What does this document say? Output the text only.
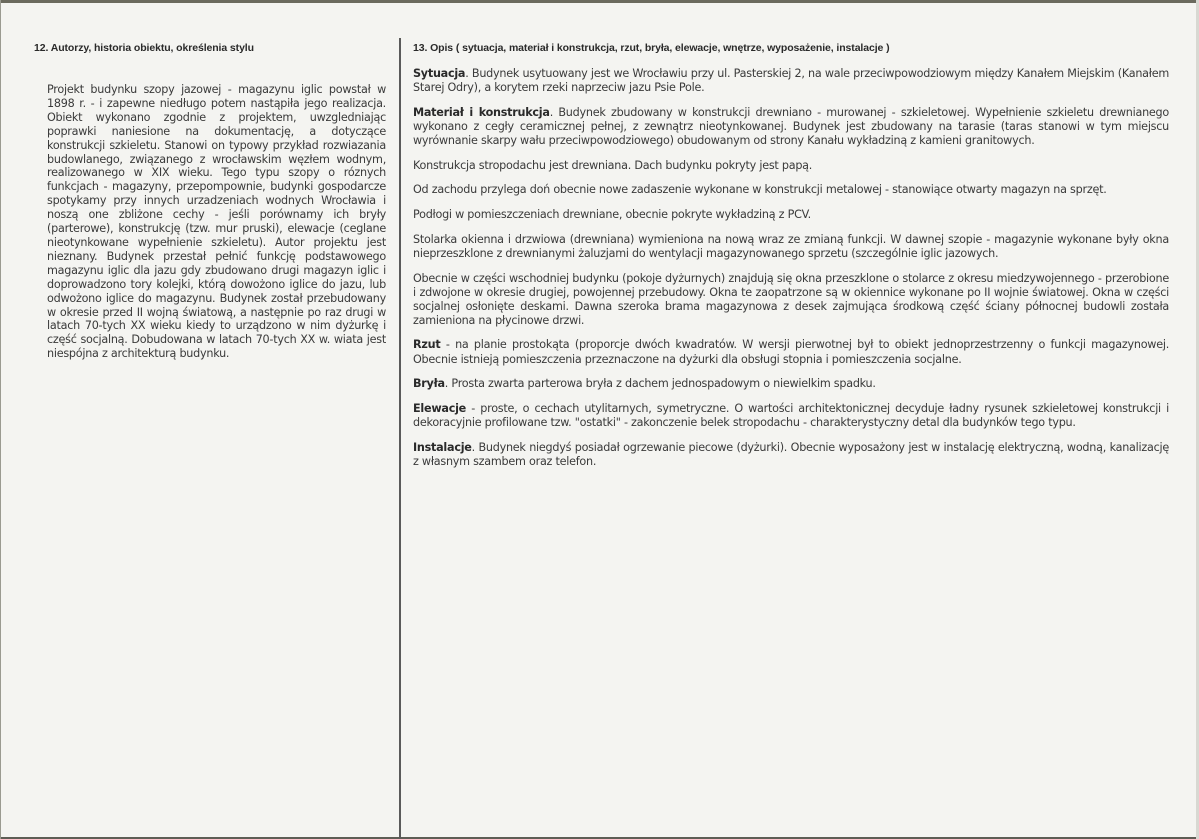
12. Autorzy, historia obiektu, określenia stylu

Projekt budynku szopy jazowej - magazynu iglic powstał w 1898 r. - i zapewne niedługo potem nastąpiła jego realizacja. Obiekt wykonano zgodnie z projektem, uwzgledniając poprawki naniesione na dokumentację, a dotyczące konstrukcji szkieletu. Stanowi on typowy przykład rozwiazania budowlanego, związanego z wrocławskim węzłem wodnym, realizowanego w XIX wieku. Tego typu szopy o róznych funkcjach - magazyny, przepompownie, budynki gospodarcze spotykamy przy innych urzadzeniach wodnych Wrocławia i noszą one zbliżone cechy - jeśli porównamy ich bryły (parterowe), konstrukcję (tzw. mur pruski), elewacje (ceglane nieotynkowane wypełnienie szkieletu). Autor projektu jest nieznany. Budynek przestał pełnić funkcję podstawowego magazynu iglic dla jazu gdy zbudowano drugi magazyn iglic i doprowadzono tory kolejki, którą dowożono iglice do jazu, lub odwożono iglice do magazynu. Budynek został przebudowany w okresie przed II wojną światową, a następnie po raz drugi w latach 70-tych XX wieku kiedy to urządzono w nim dyżurkę i część socjalną. Dobudowana w latach 70-tych XX w. wiata jest niespójna z architekturą budynku.

13. Opis ( sytuacja, materiał i konstrukcja, rzut, bryła, elewacje, wnętrze, wyposażenie, instalacje )

Sytuacja. Budynek usytuowany jest we Wrocławiu przy ul. Pasterskiej 2, na wale przeciwpowodziowym między Kanałem Miejskim (Kanałem Starej Odry), a korytem rzeki naprzeciw jazu Psie Pole.

Materiał i konstrukcja. Budynek zbudowany w konstrukcji drewniano - murowanej - szkieletowej. Wypełnienie szkieletu drewnianego wykonano z cegły ceramicznej pełnej, z zewnątrz nieotynkowanej. Budynek jest zbudowany na tarasie (taras stanowi w tym miejscu wyrównanie skarpy wału przeciwpowodziowego) obudowanym od strony Kanału wykładziną z kamieni granitowych.

Konstrukcja stropodachu jest drewniana. Dach budynku pokryty jest papą.

Od zachodu przylega doń obecnie nowe zadaszenie wykonane w konstrukcji metalowej - stanowiące otwarty magazyn na sprzęt.

Podłogi w pomieszczeniach drewniane, obecnie pokryte wykładziną z PCV.

Stolarka okienna i drzwiowa (drewniana) wymieniona na nową wraz ze zmianą funkcji. W dawnej szopie - magazynie wykonane były okna nieprzeszklone z drewnianymi żaluzjami do wentylacji magazynowanego sprzetu (szczególnie iglic jazowych.

Obecnie w części wschodniej budynku (pokoje dyżurnych) znajdują się okna przeszklone o stolarce z okresu miedzywojennego - przerobione i zdwojone w okresie drugiej, powojennej przebudowy. Okna te zaopatrzone są w okiennice wykonane po II wojnie światowej. Okna w części socjalnej osłonięte deskami. Dawna szeroka brama magazynowa z desek zajmująca środkową część ściany północnej budowli została zamieniona na płycinowe drzwi.

Rzut - na planie prostokąta (proporcje dwóch kwadratów. W wersji pierwotnej był to obiekt jednoprzestrzenny o funkcji magazynowej. Obecnie istnieją pomieszczenia przeznaczone na dyżurki dla obsługi stopnia i pomieszczenia socjalne.

Bryła. Prosta zwarta parterowa bryła z dachem jednospadowym o niewielkim spadku.

Elewacje - proste, o cechach utylitarnych, symetryczne. O wartości architektonicznej decyduje ładny rysunek szkieletowej konstrukcji i dekoracyjnie profilowane tzw. "ostatki" - zakonczenie belek stropodachu - charakterystyczny detal dla budynków tego typu.

Instalacje. Budynek niegdyś posiadał ogrzewanie piecowe (dyżurki). Obecnie wyposażony jest w instalację elektryczną, wodną, kanalizację z własnym szambem oraz telefon.
